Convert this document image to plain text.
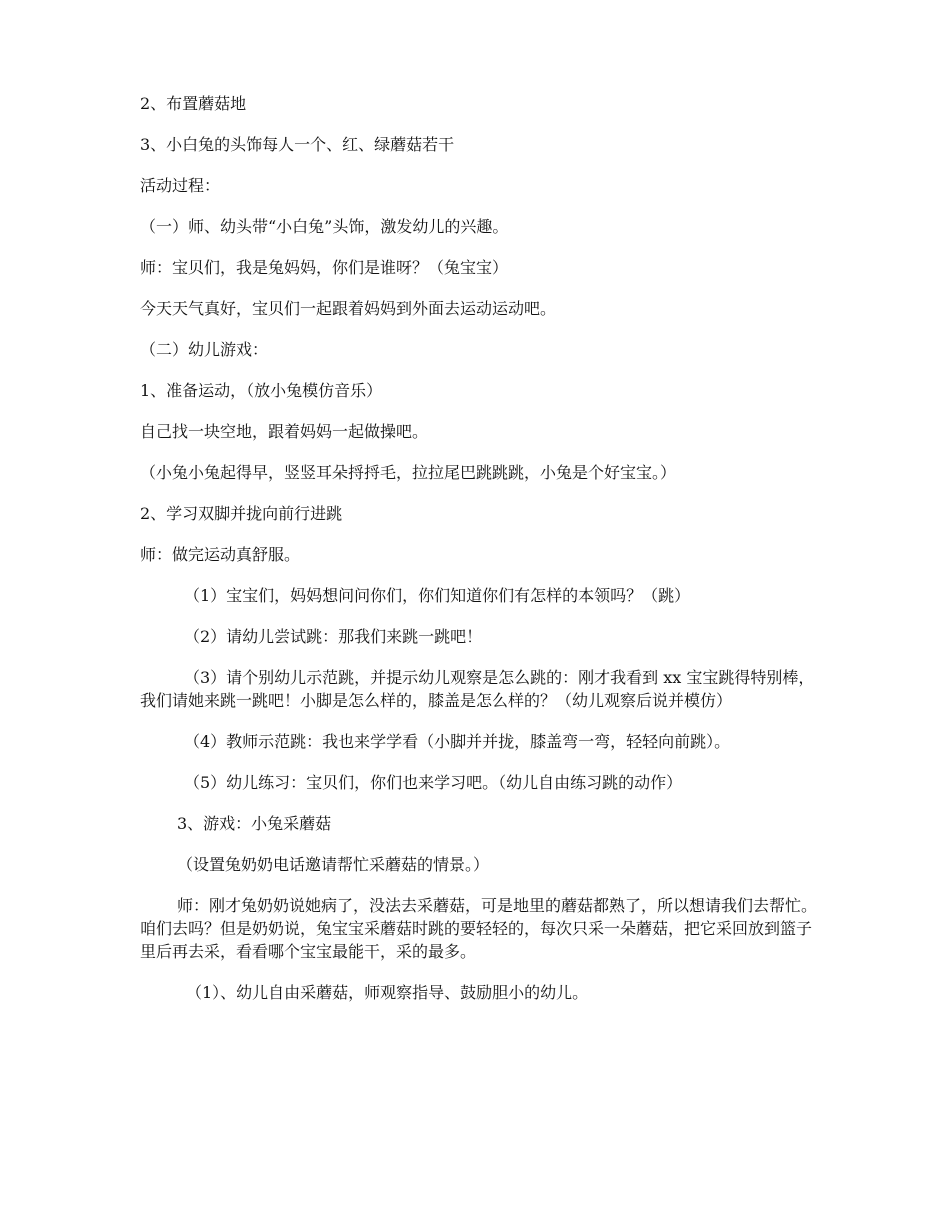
2、布置蘑菇地

3、小白兔的头饰每人一个、红、绿蘑菇若干

活动过程：

（一）师、幼头带“小白兔”头饰，激发幼儿的兴趣。

师：宝贝们，我是兔妈妈，你们是谁呀？（兔宝宝）

今天天气真好，宝贝们一起跟着妈妈到外面去运动运动吧。

（二）幼儿游戏：

1、准备运动，（放小兔模仿音乐）

自己找一块空地，跟着妈妈一起做操吧。

（小兔小兔起得早，竖竖耳朵捋捋毛，拉拉尾巴跳跳跳，小兔是个好宝宝。）

2、学习双脚并拢向前行进跳

师：做完运动真舒服。

（1）宝宝们，妈妈想问问你们，你们知道你们有怎样的本领吗？（跳）

（2）请幼儿尝试跳：那我们来跳一跳吧！

（3）请个别幼儿示范跳，并提示幼儿观察是怎么跳的：刚才我看到 xx 宝宝跳得特别棒，我们请她来跳一跳吧！小脚是怎么样的，膝盖是怎么样的？（幼儿观察后说并模仿）

（4）教师示范跳：我也来学学看（小脚并并拢，膝盖弯一弯，轻轻向前跳）。

（5）幼儿练习：宝贝们，你们也来学习吧。（幼儿自由练习跳的动作）

3、游戏：小兔采蘑菇

（设置兔奶奶电话邀请帮忙采蘑菇的情景。）

师：刚才兔奶奶说她病了，没法去采蘑菇，可是地里的蘑菇都熟了，所以想请我们去帮忙。咱们去吗？但是奶奶说，兔宝宝采蘑菇时跳的要轻轻的，每次只采一朵蘑菇，把它采回放到篮子里后再去采，看看哪个宝宝最能干，采的最多。

（1）、幼儿自由采蘑菇，师观察指导、鼓励胆小的幼儿。
